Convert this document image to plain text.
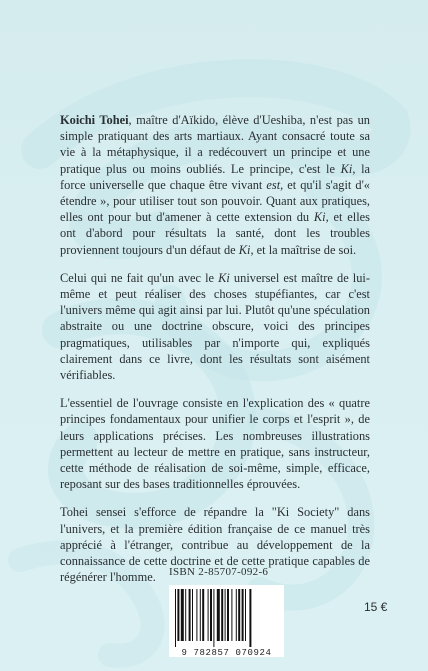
Koichi Tohei, maître d'Aïkido, élève d'Ueshiba, n'est pas un simple pratiquant des arts martiaux. Ayant consacré toute sa vie à la métaphysique, il a redécouvert un principe et une pratique plus ou moins oubliés. Le principe, c'est le Ki, la force universelle que chaque être vivant est, et qu'il s'agit d'« étendre », pour utiliser tout son pouvoir. Quant aux pratiques, elles ont pour but d'amener à cette extension du Ki, et elles ont d'abord pour résultats la santé, dont les troubles proviennent toujours d'un défaut de Ki, et la maîtrise de soi.

Celui qui ne fait qu'un avec le Ki universel est maître de lui-même et peut réaliser des choses stupéfiantes, car c'est l'univers même qui agit ainsi par lui. Plutôt qu'une spéculation abstraite ou une doctrine obscure, voici des principes pragmatiques, utilisables par n'importe qui, expliqués clairement dans ce livre, dont les résultats sont aisément vérifiables.

L'essentiel de l'ouvrage consiste en l'explication des « quatre principes fondamentaux pour unifier le corps et l'esprit », de leurs applications précises. Les nombreuses illustrations permettent au lecteur de mettre en pratique, sans instructeur, cette méthode de réalisation de soi-même, simple, efficace, reposant sur des bases traditionnelles éprouvées.

Tohei sensei s'efforce de répandre la "Ki Society" dans l'univers, et la première édition française de ce manuel très apprécié à l'étranger, contribue au développement de la connaissance de cette doctrine et de cette pratique capables de régénérer l'homme.	ISBN 2-85707-092-6
9 782857 070924
15 €
